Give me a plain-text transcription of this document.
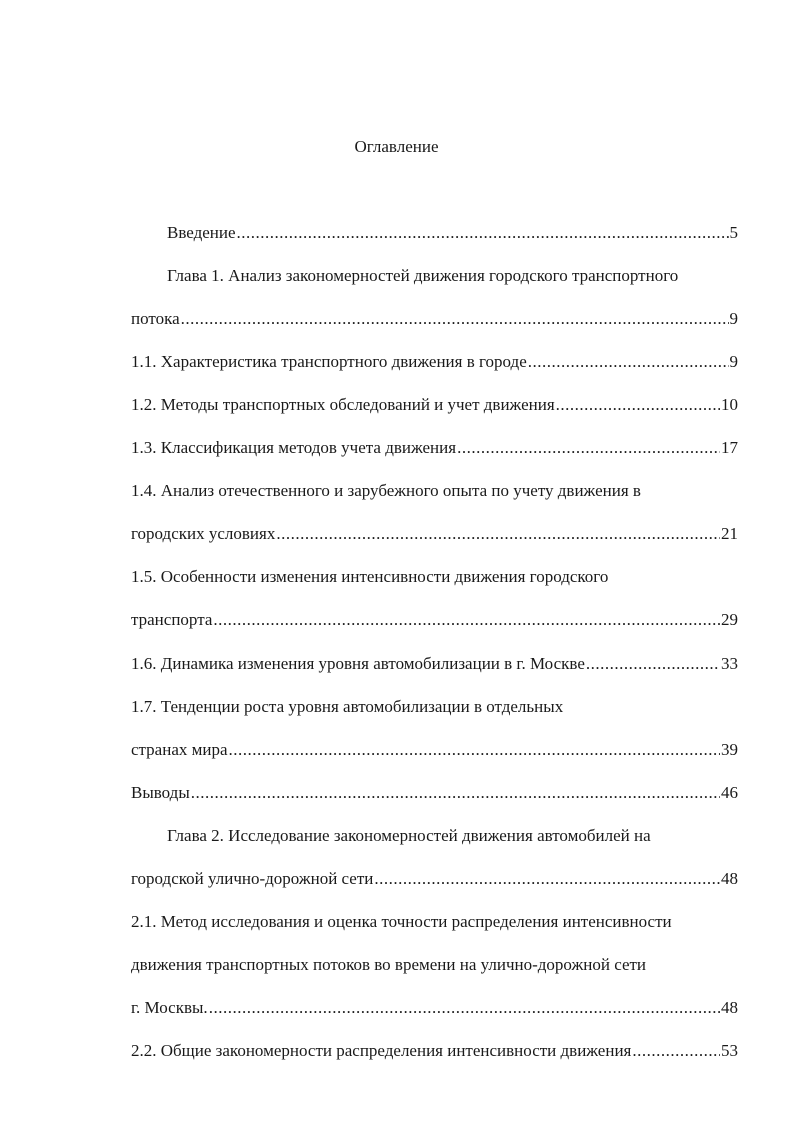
Оглавление
Введение .....	5
Глава 1. Анализ закономерностей движения городского транспортного
потока .....	9
1.1. Характеристика транспортного движения в городе .....	9
1.2. Методы транспортных обследований и учет движения .....	10
1.3. Классификация методов учета движения .....	17
1.4. Анализ отечественного и зарубежного опыта по учету движения в
городских условиях .....	21
1.5. Особенности изменения интенсивности движения городского
транспорта .....	29
1.6. Динамика изменения уровня автомобилизации в г. Москве .....	33
1.7. Тенденции роста уровня автомобилизации в отдельных
странах мира .....	39
Выводы .....	46
Глава 2. Исследование закономерностей движения автомобилей на
городской улично-дорожной сети .....	48
2.1. Метод исследования и оценка точности распределения интенсивности
движения транспортных потоков во времени на улично-дорожной сети
г. Москвы. .....	48
2.2. Общие закономерности распределения интенсивности движения .....	53
